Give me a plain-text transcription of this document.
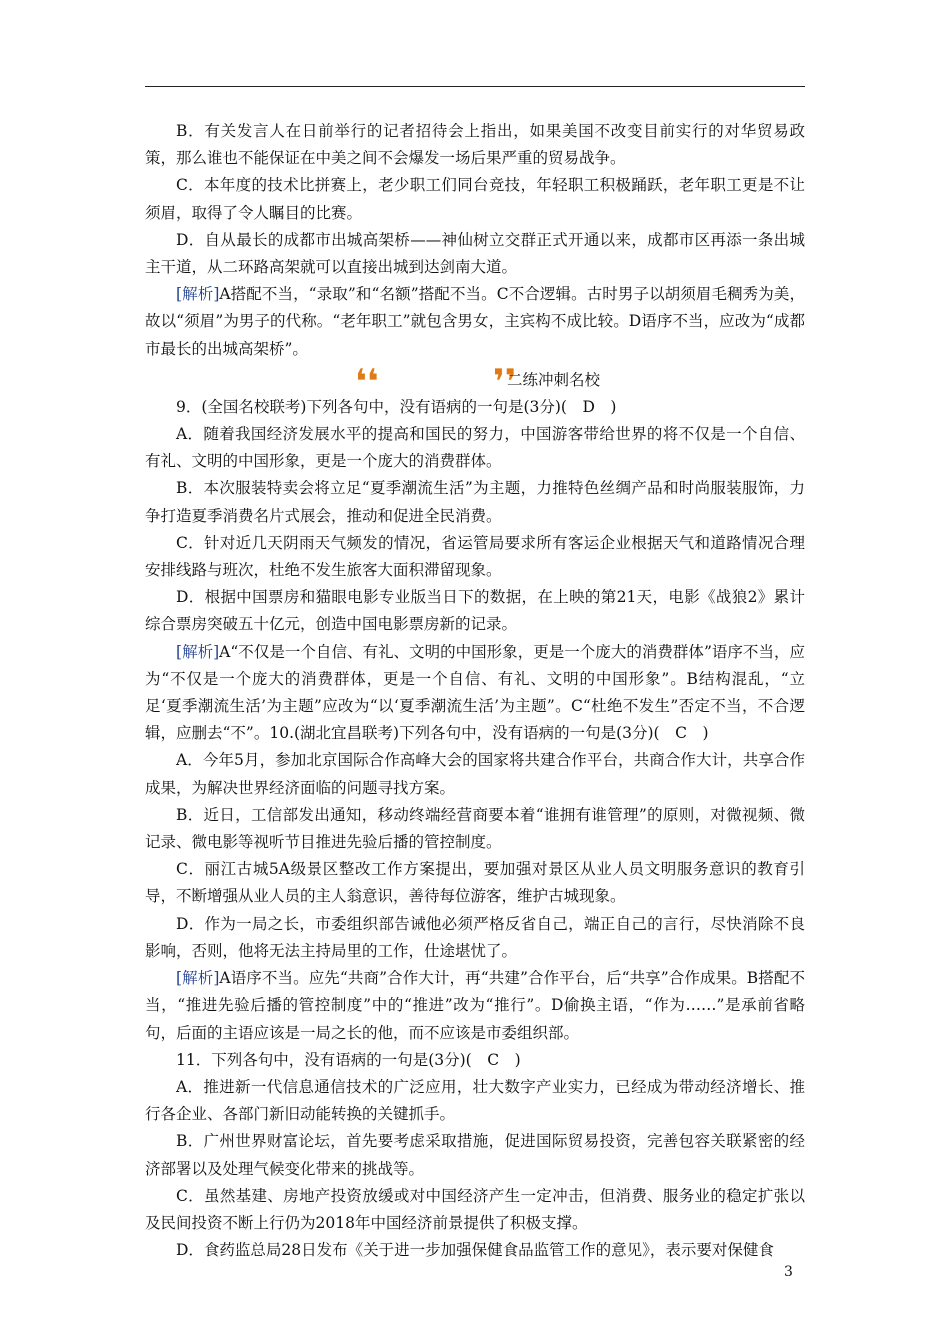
B．有关发言人在日前举行的记者招待会上指出，如果美国不改变目前实行的对华贸易政策，那么谁也不能保证在中美之间不会爆发一场后果严重的贸易战争。

C．本年度的技术比拼赛上，老少职工们同台竞技，年轻职工积极踊跃，老年职工更是不让须眉，取得了令人瞩目的比赛。

D．自从最长的成都市出城高架桥——神仙树立交群正式开通以来，成都市区再添一条出城主干道，从二环路高架就可以直接出城到达剑南大道。

[解析]A搭配不当，“录取”和“名额”搭配不当。C不合逻辑。古时男子以胡须眉毛稠秀为美，故以“须眉”为男子的代称。“老年职工”就包含男女，主宾构不成比较。D语序不当，应改为“成都市最长的出城高架桥”。

❛❛	❜❜
二练冲刺名校

9．(全国名校联考)下列各句中，没有语病的一句是(3分)(　D　)

A．随着我国经济发展水平的提高和国民的努力，中国游客带给世界的将不仅是一个自信、有礼、文明的中国形象，更是一个庞大的消费群体。

B．本次服装特卖会将立足“夏季潮流生活”为主题，力推特色丝绸产品和时尚服装服饰，力争打造夏季消费名片式展会，推动和促进全民消费。

C．针对近几天阴雨天气频发的情况，省运管局要求所有客运企业根据天气和道路情况合理安排线路与班次，杜绝不发生旅客大面积滞留现象。

D．根据中国票房和猫眼电影专业版当日下的数据，在上映的第21天，电影《战狼2》累计综合票房突破五十亿元，创造中国电影票房新的记录。

[解析]A“不仅是一个自信、有礼、文明的中国形象，更是一个庞大的消费群体”语序不当，应为“不仅是一个庞大的消费群体，更是一个自信、有礼、文明的中国形象”。B结构混乱，“立足‘夏季潮流生活’为主题”应改为“以‘夏季潮流生活’为主题”。C“杜绝不发生”否定不当，不合逻辑，应删去“不”。10.(湖北宜昌联考)下列各句中，没有语病的一句是(3分)(　C　)

A．今年5月，参加北京国际合作高峰大会的国家将共建合作平台，共商合作大计，共享合作成果，为解决世界经济面临的问题寻找方案。

B．近日，工信部发出通知，移动终端经营商要本着“谁拥有谁管理”的原则，对微视频、微记录、微电影等视听节目推进先验后播的管控制度。

C．丽江古城5A级景区整改工作方案提出，要加强对景区从业人员文明服务意识的教育引导，不断增强从业人员的主人翁意识，善待每位游客，维护古城现象。

D．作为一局之长，市委组织部告诫他必须严格反省自己，端正自己的言行，尽快消除不良影响，否则，他将无法主持局里的工作，仕途堪忧了。

[解析]A语序不当。应先“共商”合作大计，再“共建”合作平台，后“共享”合作成果。B搭配不当，“推进先验后播的管控制度”中的“推进”改为“推行”。D偷换主语，“作为……”是承前省略句，后面的主语应该是一局之长的他，而不应该是市委组织部。

11．下列各句中，没有语病的一句是(3分)(　C　)

A．推进新一代信息通信技术的广泛应用，壮大数字产业实力，已经成为带动经济增长、推行各企业、各部门新旧动能转换的关键抓手。

B．广州世界财富论坛，首先要考虑采取措施，促进国际贸易投资，完善包容关联紧密的经济部署以及处理气候变化带来的挑战等。

C．虽然基建、房地产投资放缓或对中国经济产生一定冲击，但消费、服务业的稳定扩张以及民间投资不断上行仍为2018年中国经济前景提供了积极支撑。

D．食药监总局28日发布《关于进一步加强保健食品监管工作的意见》，表示要对保健食

3
